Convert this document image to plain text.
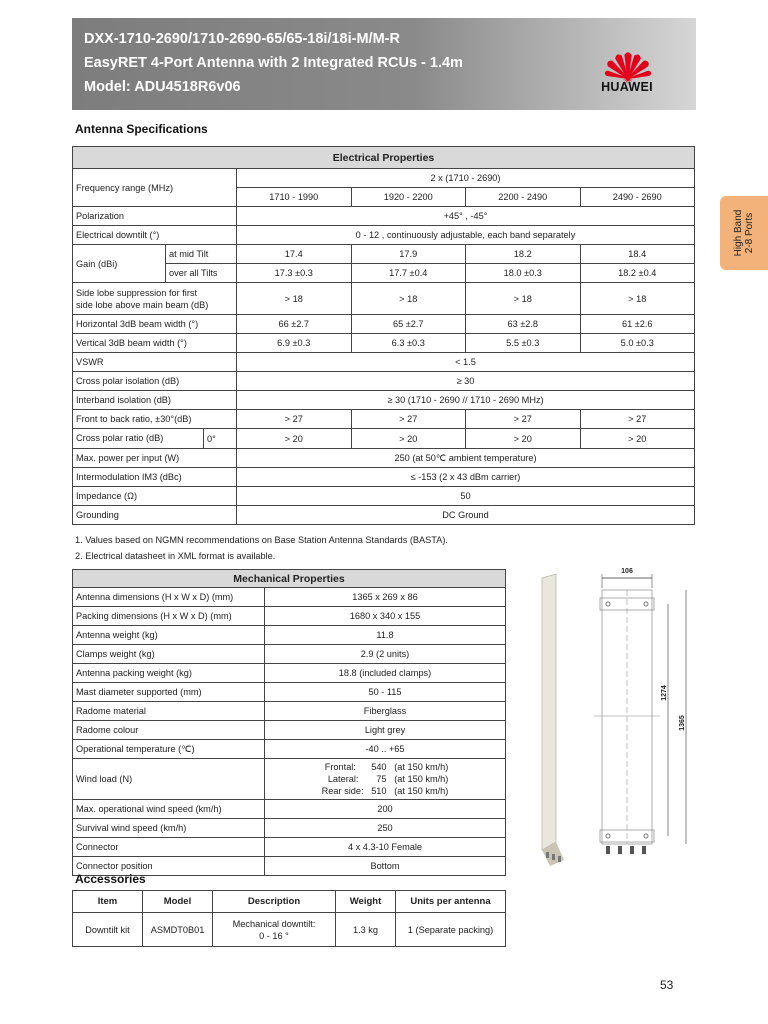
DXX-1710-2690/1710-2690-65/65-18i/18i-M/M-R
EasyRET 4-Port Antenna with 2 Integrated RCUs - 1.4m
Model: ADU4518R6v06	HUAWEI
High Band 2-8 Ports
Antenna Specifications
Electrical Properties					
Frequency range (MHz)		2 x (1710 - 2690)			
		1710 - 1990	1920 - 2200	2200 - 2490	2490 - 2690
Polarization		+45° , -45°			
Electrical downtilt (°)		0 - 12 , continuously adjustable, each band separately			
Gain (dBi)	at mid Tilt	17.4	17.9	18.2	18.4
	over all Tilts	17.3 ±0.3	17.7 ±0.4	18.0 ±0.3	18.2 ±0.4

Side lobe suppression for first
side lobe above main beam (dB)		> 18	> 18	> 18	> 18
Horizontal 3dB beam width (°)		66 ±2.7	65 ±2.7	63 ±2.8	61 ±2.6
Vertical 3dB beam width (°)		6.9 ±0.3	6.3 ±0.3	5.5 ±0.3	5.0 ±0.3
VSWR		< 1.5			
Cross polar isolation (dB)		≥ 30			
Interband isolation (dB)		≥ 30 (1710 - 2690 // 1710 - 2690 MHz)			
Front to back ratio, ±30°(dB)		> 27	> 27	> 27	> 27

Cross polar ratio (dB) 0°		> 20	> 20	> 20	> 20
Max. power per input (W)		250 (at 50℃ ambient temperature)			
Intermodulation IM3 (dBc)		≤ -153 (2 x 43 dBm carrier)			
Impedance (Ω)		50			
Grounding		DC Ground			
1. Values based on NGMN recommendations on Base Station Antenna Standards (BASTA).
2. Electrical datasheet in XML format is available.
Mechanical Properties	
Antenna dimensions (H x W x D) (mm)	1365 x 269 x 86
Packing dimensions (H x W x D) (mm)	1680 x 340 x 155
Antenna weight (kg)	11.8
Clamps weight (kg)	2.9 (2 units)
Antenna packing weight (kg)	18.8 (included clamps)
Mast diameter supported (mm)	50 - 115
Radome material	Fiberglass
Radome colour	Light grey
Operational temperature (℃)	-40 .. +65
Wind load (N)	Frontal:      540   (at 150 km/h)
Lateral:       75   (at 150 km/h)
Rear side:   510   (at 150 km/h)

Max. operational wind speed (km/h)	200
Survival wind speed (km/h)	250
Connector	4 x 4.3-10 Female
Connector position	Bottom
106
1274
1365
Accessories
Item	Model	Description	Weight	Units per antenna
Downtilt kit	ASMDT0B01	Mechanical downtilt:
0 - 16 °	1.3 kg	1 (Separate packing)
53
